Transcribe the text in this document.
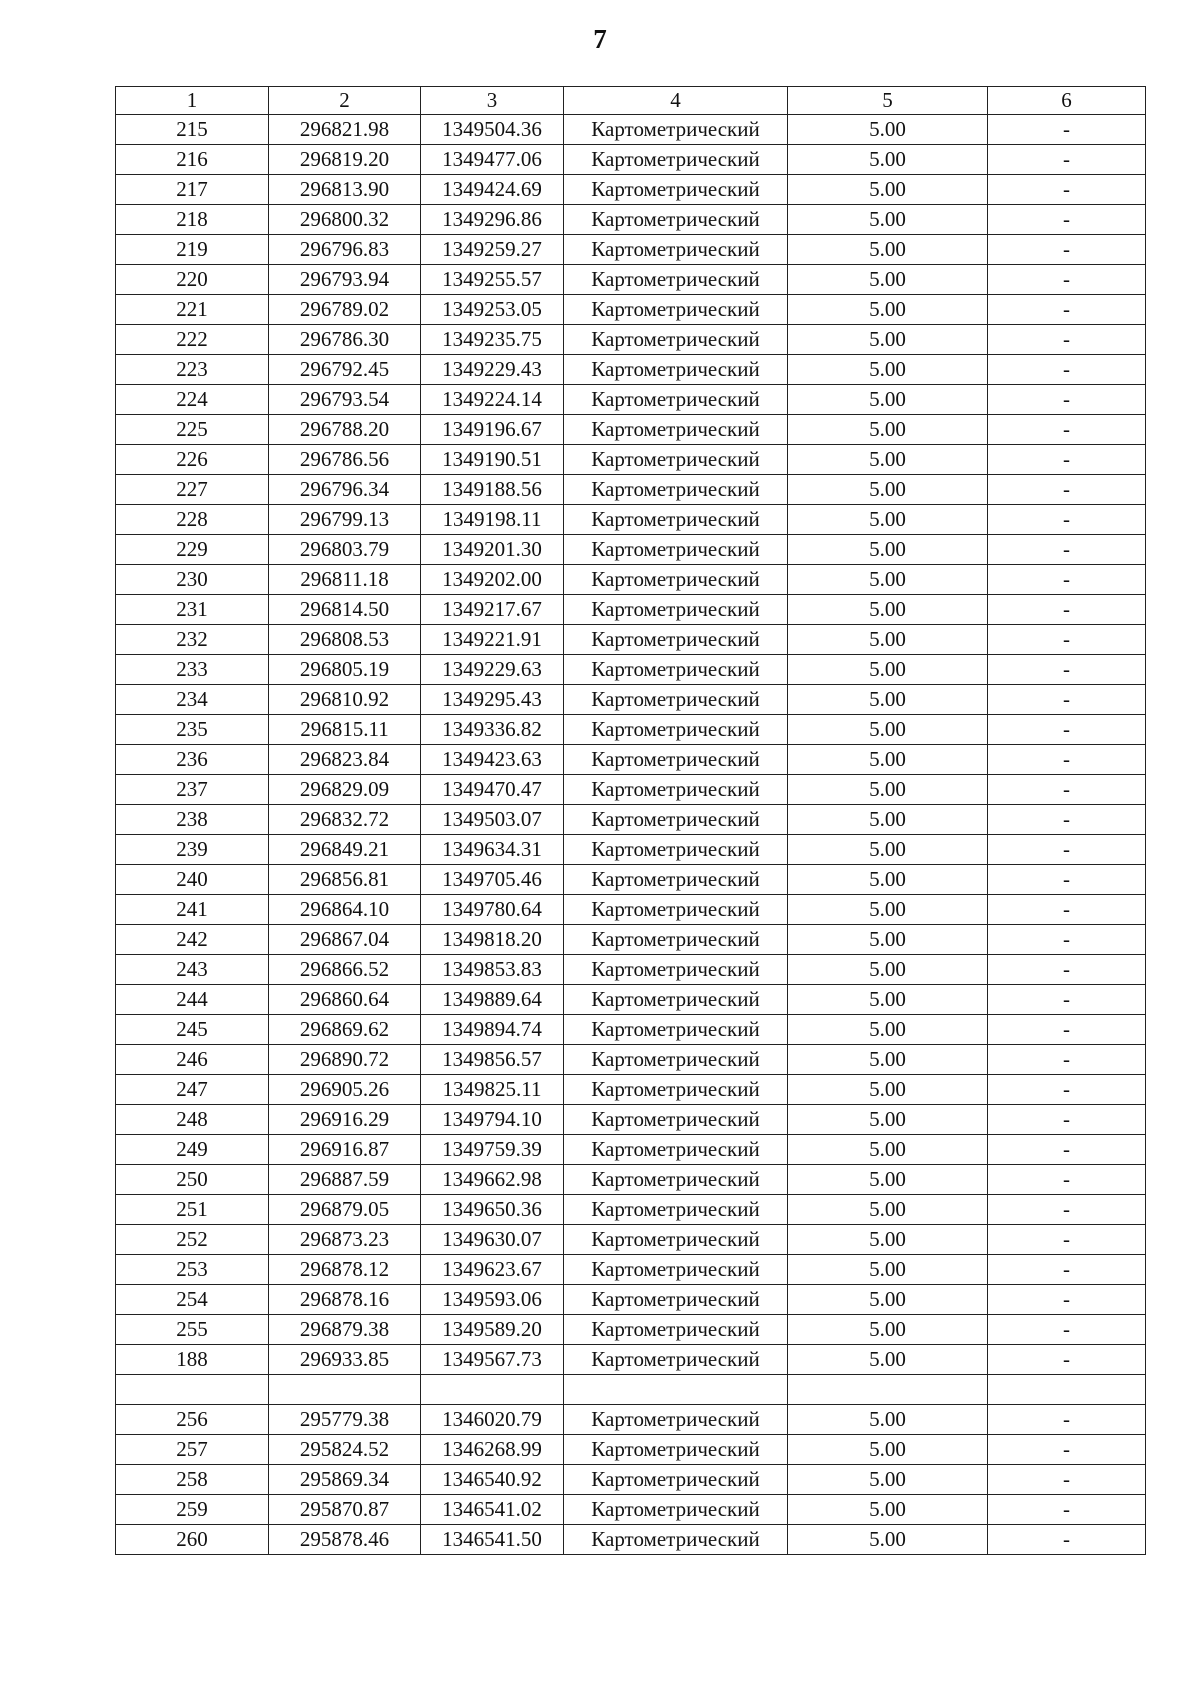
7
1	2	3	4	5	6
215	296821.98	1349504.36	Картометрический	5.00	-
216	296819.20	1349477.06	Картометрический	5.00	-
217	296813.90	1349424.69	Картометрический	5.00	-
218	296800.32	1349296.86	Картометрический	5.00	-
219	296796.83	1349259.27	Картометрический	5.00	-
220	296793.94	1349255.57	Картометрический	5.00	-
221	296789.02	1349253.05	Картометрический	5.00	-
222	296786.30	1349235.75	Картометрический	5.00	-
223	296792.45	1349229.43	Картометрический	5.00	-
224	296793.54	1349224.14	Картометрический	5.00	-
225	296788.20	1349196.67	Картометрический	5.00	-
226	296786.56	1349190.51	Картометрический	5.00	-
227	296796.34	1349188.56	Картометрический	5.00	-
228	296799.13	1349198.11	Картометрический	5.00	-
229	296803.79	1349201.30	Картометрический	5.00	-
230	296811.18	1349202.00	Картометрический	5.00	-
231	296814.50	1349217.67	Картометрический	5.00	-
232	296808.53	1349221.91	Картометрический	5.00	-
233	296805.19	1349229.63	Картометрический	5.00	-
234	296810.92	1349295.43	Картометрический	5.00	-
235	296815.11	1349336.82	Картометрический	5.00	-
236	296823.84	1349423.63	Картометрический	5.00	-
237	296829.09	1349470.47	Картометрический	5.00	-
238	296832.72	1349503.07	Картометрический	5.00	-
239	296849.21	1349634.31	Картометрический	5.00	-
240	296856.81	1349705.46	Картометрический	5.00	-
241	296864.10	1349780.64	Картометрический	5.00	-
242	296867.04	1349818.20	Картометрический	5.00	-
243	296866.52	1349853.83	Картометрический	5.00	-
244	296860.64	1349889.64	Картометрический	5.00	-
245	296869.62	1349894.74	Картометрический	5.00	-
246	296890.72	1349856.57	Картометрический	5.00	-
247	296905.26	1349825.11	Картометрический	5.00	-
248	296916.29	1349794.10	Картометрический	5.00	-
249	296916.87	1349759.39	Картометрический	5.00	-
250	296887.59	1349662.98	Картометрический	5.00	-
251	296879.05	1349650.36	Картометрический	5.00	-
252	296873.23	1349630.07	Картометрический	5.00	-
253	296878.12	1349623.67	Картометрический	5.00	-
254	296878.16	1349593.06	Картометрический	5.00	-
255	296879.38	1349589.20	Картометрический	5.00	-
188	296933.85	1349567.73	Картометрический	5.00	-

256	295779.38	1346020.79	Картометрический	5.00	-
257	295824.52	1346268.99	Картометрический	5.00	-
258	295869.34	1346540.92	Картометрический	5.00	-
259	295870.87	1346541.02	Картометрический	5.00	-
260	295878.46	1346541.50	Картометрический	5.00	-
